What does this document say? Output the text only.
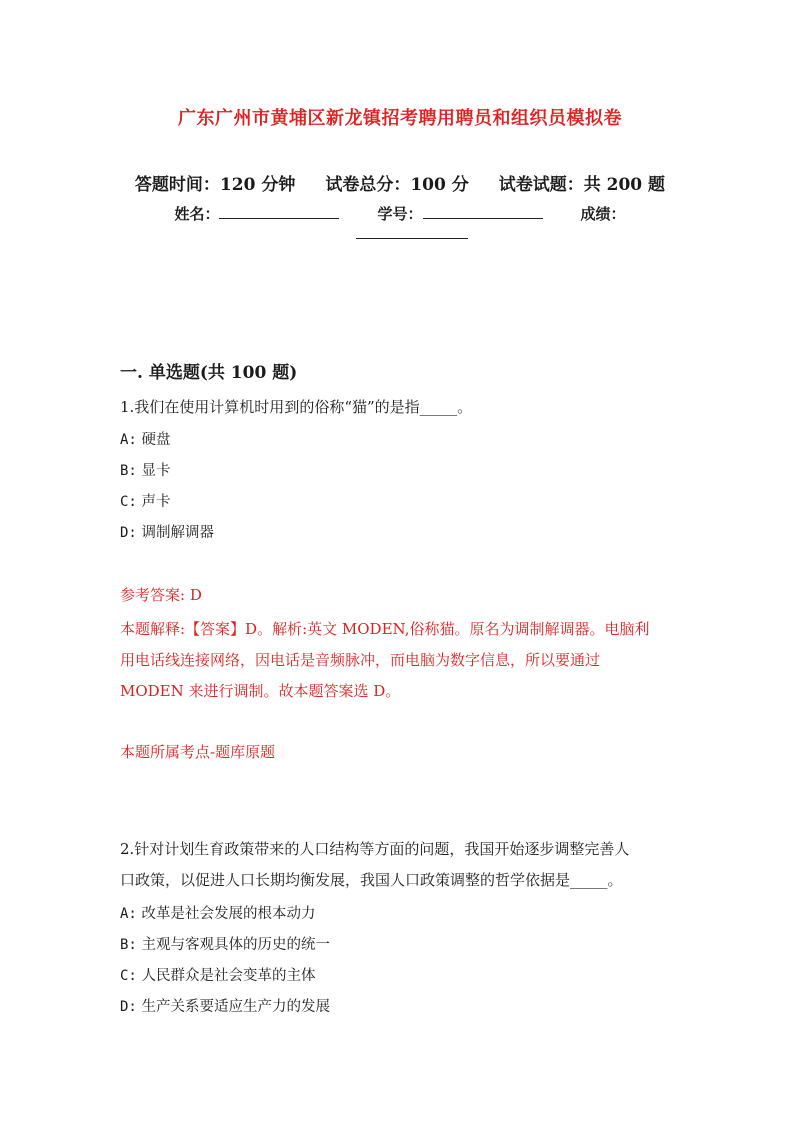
广东广州市黄埔区新龙镇招考聘用聘员和组织员模拟卷
答题时间：120 分钟 试卷总分：100 分 试卷试题：共 200 题
姓名：	学号：	成绩：
一. 单选题(共 100 题)
1.我们在使用计算机时用到的俗称“猫”的是指_____。
A: 硬盘
B: 显卡
C: 声卡
D: 调制解调器
参考答案: D
本题解释:【答案】D。解析:英文 MODEN,俗称猫。原名为调制解调器。电脑利
用电话线连接网络，因电话是音频脉冲，而电脑为数字信息，所以要通过
MODEN 来进行调制。故本题答案选 D。
本题所属考点-题库原题
2.针对计划生育政策带来的人口结构等方面的问题，我国开始逐步调整完善人
口政策，以促进人口长期均衡发展，我国人口政策调整的哲学依据是_____。
A: 改革是社会发展的根本动力
B: 主观与客观具体的历史的统一
C: 人民群众是社会变革的主体
D: 生产关系要适应生产力的发展
